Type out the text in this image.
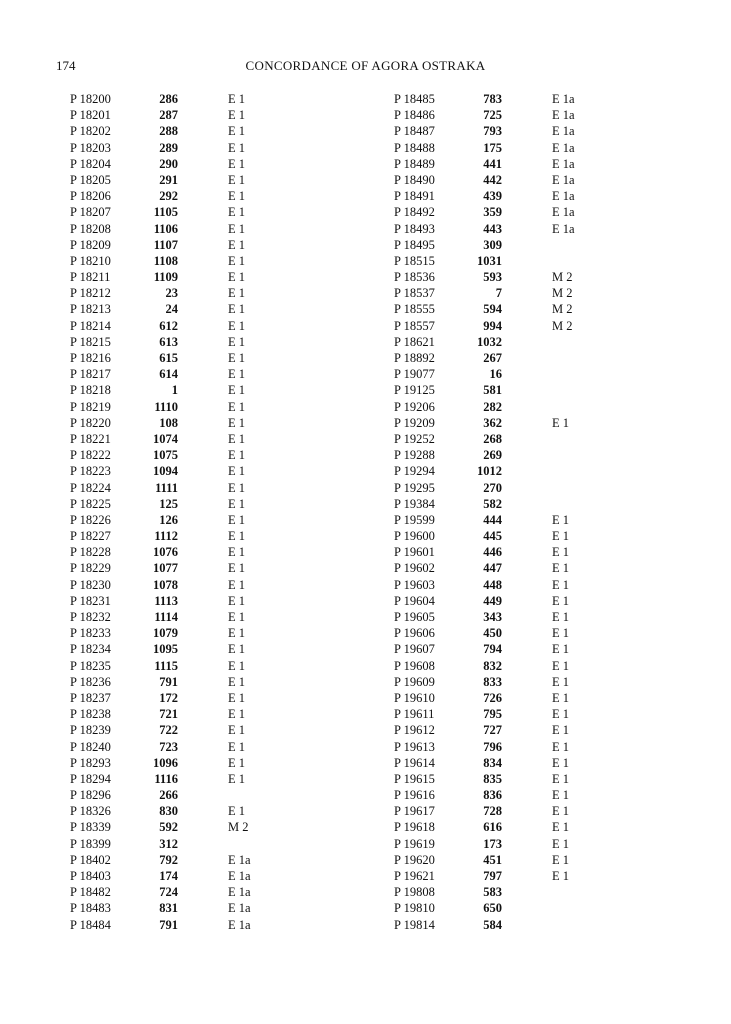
174	CONCORDANCE OF AGORA OSTRAKA
P 18200	286	E 1
P 18201	287	E 1
P 18202	288	E 1
P 18203	289	E 1
P 18204	290	E 1
P 18205	291	E 1
P 18206	292	E 1
P 18207	1105	E 1
P 18208	1106	E 1
P 18209	1107	E 1
P 18210	1108	E 1
P 18211	1109	E 1
P 18212	23	E 1
P 18213	24	E 1
P 18214	612	E 1
P 18215	613	E 1
P 18216	615	E 1
P 18217	614	E 1
P 18218	1	E 1
P 18219	1110	E 1
P 18220	108	E 1
P 18221	1074	E 1
P 18222	1075	E 1
P 18223	1094	E 1
P 18224	1111	E 1
P 18225	125	E 1
P 18226	126	E 1
P 18227	1112	E 1
P 18228	1076	E 1
P 18229	1077	E 1
P 18230	1078	E 1
P 18231	1113	E 1
P 18232	1114	E 1
P 18233	1079	E 1
P 18234	1095	E 1
P 18235	1115	E 1
P 18236	791	E 1
P 18237	172	E 1
P 18238	721	E 1
P 18239	722	E 1
P 18240	723	E 1
P 18293	1096	E 1
P 18294	1116	E 1
P 18296	266
P 18326	830	E 1
P 18339	592	M 2
P 18399	312
P 18402	792	E 1a
P 18403	174	E 1a
P 18482	724	E 1a
P 18483	831	E 1a
P 18484	791	E 1a
P 18485	783	E 1a
P 18486	725	E 1a
P 18487	793	E 1a
P 18488	175	E 1a
P 18489	441	E 1a
P 18490	442	E 1a
P 18491	439	E 1a
P 18492	359	E 1a
P 18493	443	E 1a
P 18495	309
P 18515	1031
P 18536	593	M 2
P 18537	7	M 2
P 18555	594	M 2
P 18557	994	M 2
P 18621	1032
P 18892	267
P 19077	16
P 19125	581
P 19206	282
P 19209	362	E 1
P 19252	268
P 19288	269
P 19294	1012
P 19295	270
P 19384	582
P 19599	444	E 1
P 19600	445	E 1
P 19601	446	E 1
P 19602	447	E 1
P 19603	448	E 1
P 19604	449	E 1
P 19605	343	E 1
P 19606	450	E 1
P 19607	794	E 1
P 19608	832	E 1
P 19609	833	E 1
P 19610	726	E 1
P 19611	795	E 1
P 19612	727	E 1
P 19613	796	E 1
P 19614	834	E 1
P 19615	835	E 1
P 19616	836	E 1
P 19617	728	E 1
P 19618	616	E 1
P 19619	173	E 1
P 19620	451	E 1
P 19621	797	E 1
P 19808	583
P 19810	650
P 19814	584
